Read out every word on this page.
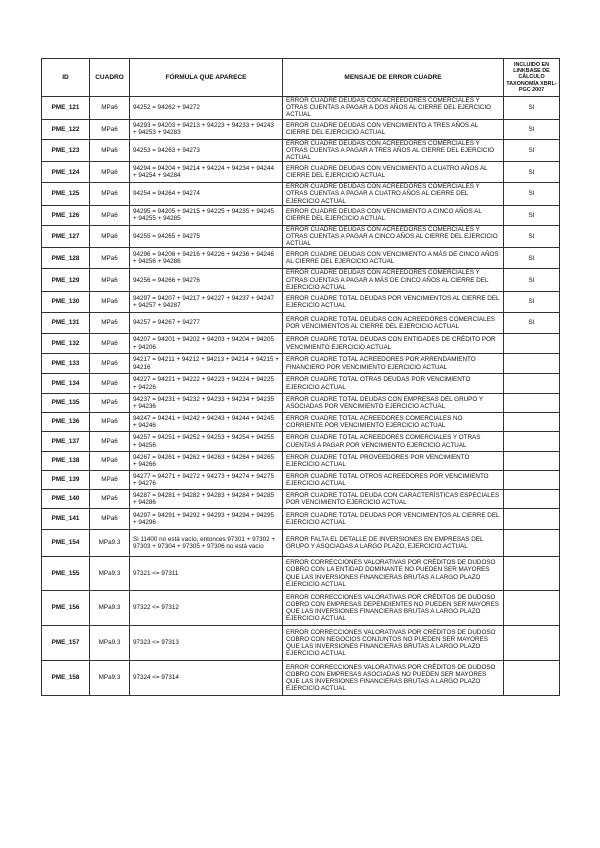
ID	CUADRO	FÓRMULA QUE APARECE	MENSAJE DE ERROR CUADRE	INCLUIDO EN LINKBASE DE CÁLCULO TAXONOMÍA XBRL-PGC 2007
PME_121	MPa6	94252 = 94262 + 94272	ERROR CUADRE DEUDAS CON ACREEDORES COMERCIALES Y OTRAS CUENTAS A PAGAR A DOS AÑOS AL CIERRE DEL EJERCICIO ACTUAL	SI
PME_122	MPa6	94293 = 94203 + 94213 + 94223 + 94233 + 94243 + 94253 + 94283	ERROR CUADRE DEUDAS CON VENCIMIENTO A TRES AÑOS AL CIERRE DEL EJERCICIO ACTUAL	SI
PME_123	MPa6	94253 = 94263 + 94273	ERROR CUADRE DEUDAS CON ACREEDORES COMERCIALES Y OTRAS CUENTAS A PAGAR A TRES AÑOS AL CIERRE DEL EJERCICIO ACTUAL	SI
PME_124	MPa6	94294 = 94204 + 94214 + 94224 + 94234 + 94244 + 94254 + 94284	ERROR CUADRE DEUDAS CON VENCIMIENTO A CUATRO AÑOS AL CIERRE DEL EJERCICIO ACTUAL	SI
PME_125	MPa6	94254 = 94264 + 94274	ERROR CUADRE DEUDAS CON ACREEDORES COMERCIALES Y OTRAS CUENTAS A PAGAR A CUATRO AÑOS AL CIERRE DEL EJERCICIO ACTUAL	SI
PME_126	MPa6	94295 = 94205 + 94215 + 94225 + 94235 + 94245 + 94255 + 94285	ERROR CUADRE DEUDAS CON VENCIMIENTO A CINCO AÑOS AL CIERRE DEL EJERCICIO ACTUAL	SI
PME_127	MPa6	94255 = 94265 + 94275	ERROR CUADRE DEUDAS CON ACREEDORES COMERCIALES Y OTRAS CUENTAS A PAGAR A CINCO AÑOS AL CIERRE DEL EJERCICIO ACTUAL	SI
PME_128	MPa6	94296 = 94206 + 94216 + 94226 + 94236 + 94246 + 94256 + 94286	ERROR CUADRE DEUDAS CON VENCIMIENTO A MÁS DE CINCO AÑOS AL CIERRE DEL EJERCICIO ACTUAL	SI
PME_129	MPa6	94256 = 94266 + 94276	ERROR CUADRE DEUDAS CON ACREEDORES COMERCIALES Y OTRAS CUENTAS A PAGAR A MÁS DE CINCO AÑOS AL CIERRE DEL EJERCICIO ACTUAL	SI
PME_130	MPa6	94297 = 94207 + 94217 + 94227 + 94237 + 94247 + 94257 + 94287	ERROR CUADRE TOTAL DEUDAS POR VENCIMIENTOS AL CIERRE DEL EJERCICIO ACTUAL	SI
PME_131	MPa6	94257 = 94267 + 94277	ERROR CUADRE TOTAL DEUDAS CON ACREEDORES COMERCIALES POR VENCIMIENTOS AL CIERRE DEL EJERCICIO ACTUAL	SI
PME_132	MPa6	94207 = 94201 + 94202 + 94203 + 94204 + 94205 + 94206	ERROR CUADRE TOTAL DEUDAS CON ENTIDADES DE CRÉDITO POR VENCIMIENTO EJERCICIO ACTUAL	
PME_133	MPa6	94217 = 94211 + 94212 + 94213 + 94214 + 94215 + 94216	ERROR CUADRE TOTAL ACREEDORES POR ARRENDAMIENTO FINANCIERO POR VENCIMIENTO EJERCICIO ACTUAL	
PME_134	MPa6	94227 = 94221 + 94222 + 94223 + 94224 + 94225 + 94226	ERROR CUADRE TOTAL OTRAS DEUDAS POR VENCIMIENTO EJERCICIO ACTUAL	
PME_135	MPa6	94237 = 94231 + 94232 + 94233 + 94234 + 94235 + 94236	ERROR CUADRE TOTAL DEUDAS CON EMPRESAS DEL GRUPO Y ASOCIADAS POR VENCIMIENTO EJERCICIO ACTUAL	
PME_136	MPa6	94247 = 94241 + 94242 + 94243 + 94244 + 94245 + 94246	ERROR CUADRE TOTAL ACREEDORES COMERCIALES NO CORRIENTE POR VENCIMIENTO EJERCICIO ACTUAL	
PME_137	MPa6	94257 = 94251 + 94252 + 94253 + 94254 + 94255 + 94256	ERROR CUADRE TOTAL ACREEDORES COMERCIALES Y OTRAS CUENTAS A PAGAR POR VENCIMIENTO EJERCICIO ACTUAL	
PME_138	MPa6	94267 = 94261 + 94262 + 94263 + 94264 + 94265 + 94266	ERROR CUADRE TOTAL PROVEEDORES POR VENCIMIENTO EJERCICIO ACTUAL	
PME_139	MPa6	94277 = 94271 + 94272 + 94273 + 94274 + 94275 + 94276	ERROR CUADRE TOTAL OTROS ACREEDORES POR VENCIMIENTO EJERCICIO ACTUAL	
PME_140	MPa6	94287 = 94281 + 94282 + 94283 + 94284 + 94285 + 94286	ERROR CUADRE TOTAL DEUDA CON CARACTERÍSTICAS ESPECIALES POR VENCIMIENTO EJERCICIO ACTUAL	
PME_141	MPa6	94297 = 94291 + 94292 + 94293 + 94294 + 94295 + 94296	ERROR CUADRE TOTAL DEUDAS POR VENCIMIENTOS AL CIERRE DEL EJERCICIO ACTUAL	
PME_154	MPa9.3	Si 11400 no está vacío, entonces 97301 + 97302 + 97303 + 97304 + 97305 + 97306 no está vacío	ERROR FALTA EL DETALLE DE INVERSIONES EN EMPRESAS DEL GRUPO Y ASOCIADAS A LARGO PLAZO, EJERCICIO ACTUAL	
PME_155	MPa9.3	97321 <= 97311	ERROR CORRECCIONES VALORATIVAS POR CRÉDITOS DE DUDOSO COBRO CON LA ENTIDAD DOMINANTE NO PUEDEN SER MAYORES QUE LAS INVERSIONES FINANCIERAS BRUTAS A LARGO PLAZO EJERCICIO ACTUAL	
PME_156	MPa9.3	97322 <= 97312	ERROR CORRECCIONES VALORATIVAS POR CRÉDITOS DE DUDOSO COBRO CON EMPRESAS DEPENDIENTES NO PUEDEN SER MAYORES QUE LAS INVERSIONES FINANCIERAS BRUTAS A LARGO PLAZO EJERCICIO ACTUAL	
PME_157	MPa9.3	97323 <= 97313	ERROR CORRECCIONES VALORATIVAS POR CRÉDITOS DE DUDOSO COBRO CON NEGOCIOS CONJUNTOS NO PUEDEN SER MAYORES QUE LAS INVERSIONES FINANCIERAS BRUTAS A LARGO PLAZO EJERCICIO ACTUAL	
PME_158	MPa9.3	97324 <= 97314	ERROR CORRECCIONES VALORATIVAS POR CRÉDITOS DE DUDOSO COBRO CON EMPRESAS ASOCIADAS NO PUEDEN SER MAYORES QUE LAS INVERSIONES FINANCIERAS BRUTAS A LARGO PLAZO EJERCICIO ACTUAL	
